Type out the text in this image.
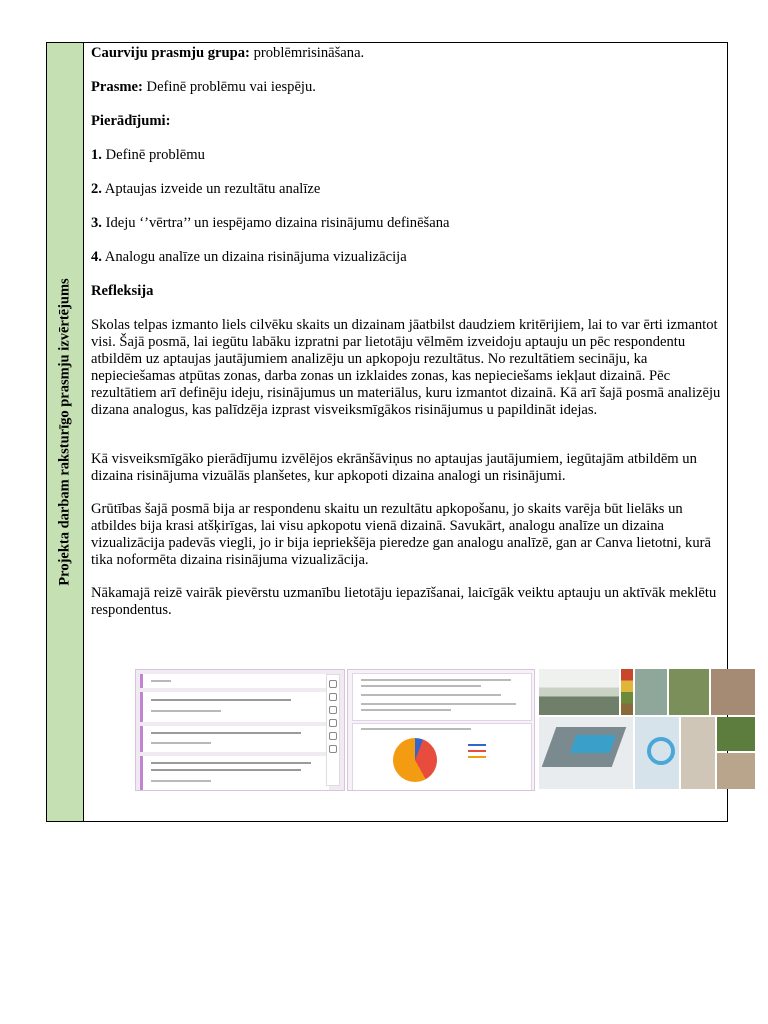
Projekta darbam raksturīgo prasmju izvērtējums

Caurviju prasmju grupa: problēmrisināšana.

Prasme: Definē problēmu vai iespēju.

Pierādījumi:

1. Definē problēmu

2. Aptaujas izveide un rezultātu analīze

3. Ideju ‘’vērtra’’ un iespējamo dizaina risinājumu definēšana

4. Analogu analīze un dizaina risinājuma vizualizācija

Refleksija

Skolas telpas izmanto liels cilvēku skaits un dizainam jāatbilst daudziem kritērijiem, lai to var ērti izmantot visi. Šajā posmā, lai iegūtu labāku izpratni par lietotāju vēlmēm izveidoju aptauju un pēc respondentu atbildēm uz aptaujas jautājumiem analizēju un apkopoju rezultātus. No rezultātiem secināju, ka nepieciešamas atpūtas zonas, darba zonas un izklaides zonas, kas nepieciešams iekļaut dizainā. Pēc rezultātiem arī definēju ideju, risinājumus un materiālus, kuru izmantot dizainā. Kā arī šajā posmā analizēju dizana analogus, kas palīdzēja izprast visveiksmīgākos risinājumus u papildināt idejas.

Kā visveiksmīgāko pierādījumu izvēlējos ekrānšāviņus no aptaujas jautājumiem, iegūtajām atbildēm un dizaina risinājuma vizuālās planšetes, kur apkopoti dizaina analogi un risinājumi.

Grūtības šajā posmā bija ar respondenu skaitu un rezultātu apkopošanu, jo skaits varēja būt lielāks un atbildes bija krasi atšķirīgas, lai visu apkopotu vienā dizainā. Savukārt, analogu analīze un dizaina vizualizācija padevās viegli, jo ir bija iepriekšēja pieredze gan analogu analīzē, gan ar Canva lietotni, kurā tika noformēta dizaina risinājuma vizualizācija.

Nākamajā reizē vairāk pievērstu uzmanību lietotāju iepazīšanai, laicīgāk veiktu aptauju un aktīvāk meklētu respondentus.
